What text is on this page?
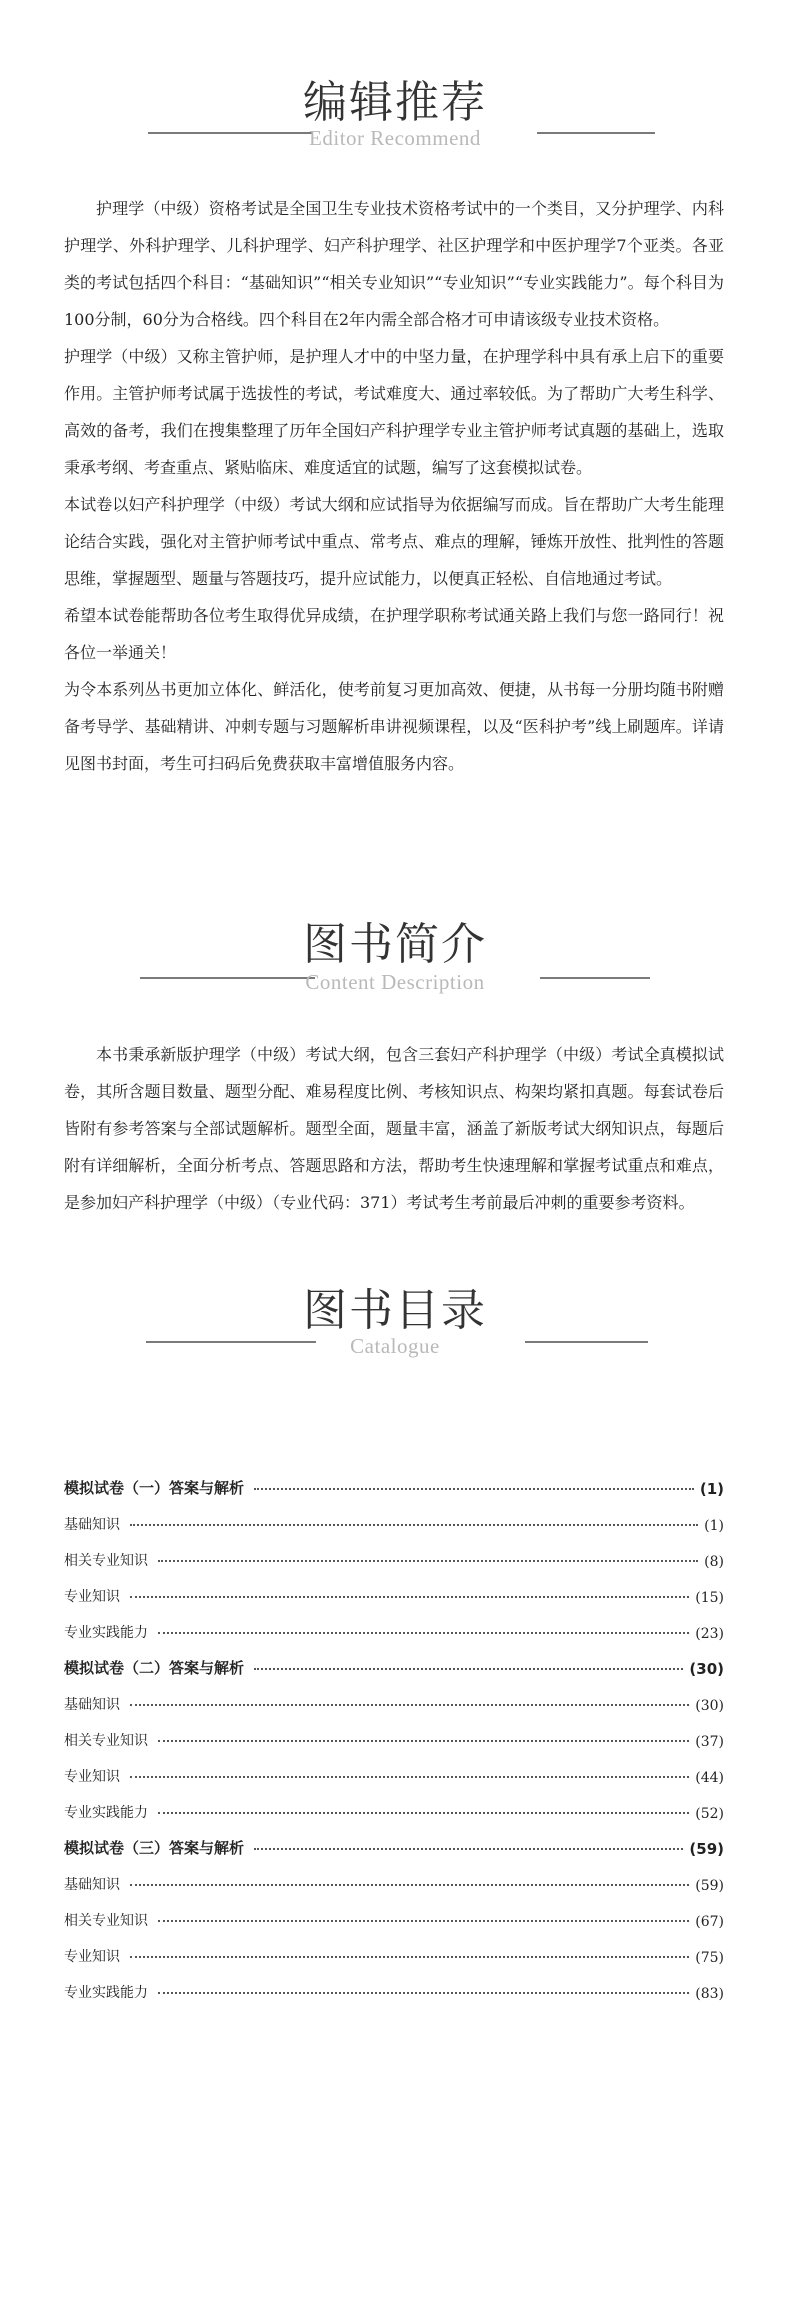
编辑推荐
Editor Recommend

护理学（中级）资格考试是全国卫生专业技术资格考试中的一个类目，又分护理学、内科护理学、外科护理学、儿科护理学、妇产科护理学、社区护理学和中医护理学7个亚类。各亚类的考试包括四个科目：“基础知识”“相关专业知识”“专业知识”“专业实践能力”。每个科目为100分制，60分为合格线。四个科目在2年内需全部合格才可申请该级专业技术资格。

护理学（中级）又称主管护师，是护理人才中的中坚力量，在护理学科中具有承上启下的重要作用。主管护师考试属于选拔性的考试，考试难度大、通过率较低。为了帮助广大考生科学、高效的备考，我们在搜集整理了历年全国妇产科护理学专业主管护师考试真题的基础上，选取秉承考纲、考查重点、紧贴临床、难度适宜的试题，编写了这套模拟试卷。

本试卷以妇产科护理学（中级）考试大纲和应试指导为依据编写而成。旨在帮助广大考生能理论结合实践，强化对主管护师考试中重点、常考点、难点的理解，锤炼开放性、批判性的答题思维，掌握题型、题量与答题技巧，提升应试能力，以便真正轻松、自信地通过考试。

希望本试卷能帮助各位考生取得优异成绩，在护理学职称考试通关路上我们与您一路同行！祝各位一举通关！

为令本系列丛书更加立体化、鲜活化，使考前复习更加高效、便捷，从书每一分册均随书附赠备考导学、基础精讲、冲刺专题与习题解析串讲视频课程，以及“医科护考”线上刷题库。详请见图书封面，考生可扫码后免费获取丰富增值服务内容。

图书简介
Content Description

本书秉承新版护理学（中级）考试大纲，包含三套妇产科护理学（中级）考试全真模拟试卷，其所含题目数量、题型分配、难易程度比例、考核知识点、构架均紧扣真题。每套试卷后皆附有参考答案与全部试题解析。题型全面，题量丰富，涵盖了新版考试大纲知识点，每题后附有详细解析，全面分析考点、答题思路和方法，帮助考生快速理解和掌握考试重点和难点，是参加妇产科护理学（中级）（专业代码：371）考试考生考前最后冲刺的重要参考资料。

图书目录
Catalogue
模拟试卷（一）答案与解析	(1)
基础知识	(1)
相关专业知识	(8)
专业知识	(15)
专业实践能力	(23)
模拟试卷（二）答案与解析	(30)
基础知识	(30)
相关专业知识	(37)
专业知识	(44)
专业实践能力	(52)
模拟试卷（三）答案与解析	(59)
基础知识	(59)
相关专业知识	(67)
专业知识	(75)
专业实践能力	(83)
